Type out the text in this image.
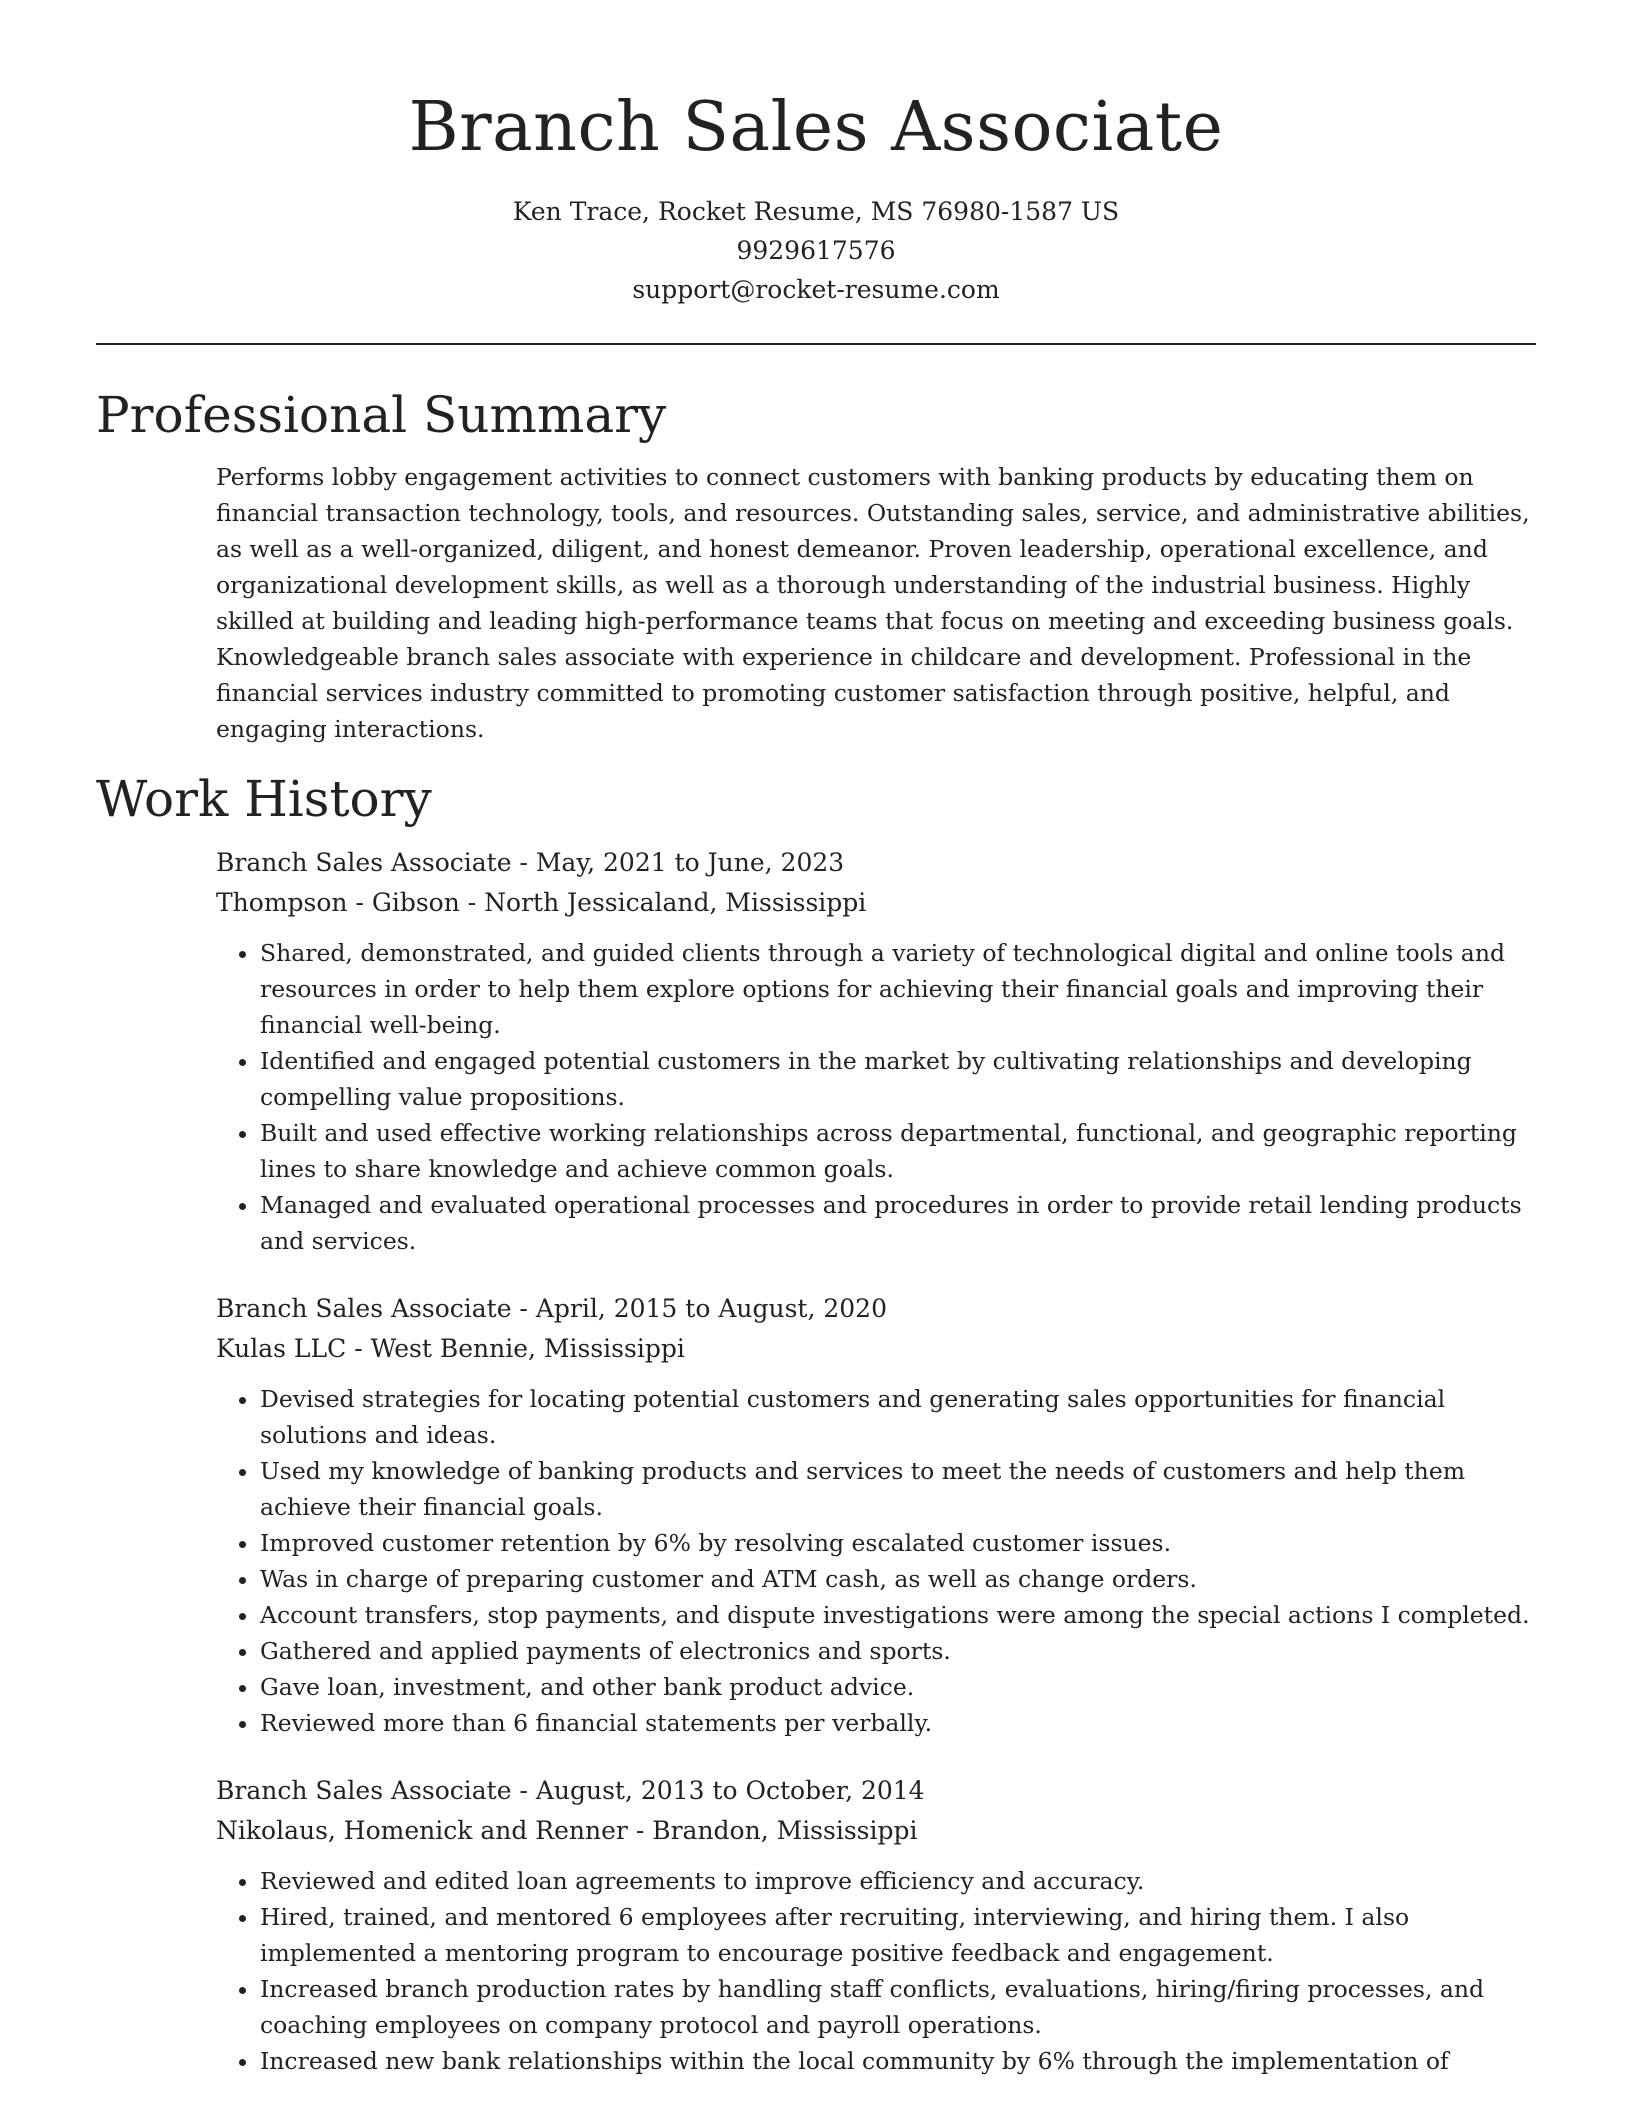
Branch Sales Associate
Ken Trace, Rocket Resume, MS 76980-1587 US
9929617576
support@rocket-resume.com
Professional Summary

Performs lobby engagement activities to connect customers with banking products by educating them on financial transaction technology, tools, and resources. Outstanding sales, service, and administrative abilities, as well as a well-organized, diligent, and honest demeanor. Proven leadership, operational excellence, and organizational development skills, as well as a thorough understanding of the industrial business. Highly skilled at building and leading high-performance teams that focus on meeting and exceeding business goals. Knowledgeable branch sales associate with experience in childcare and development. Professional in the financial services industry committed to promoting customer satisfaction through positive, helpful, and engaging interactions.

Work History
Branch Sales Associate - May, 2021 to June, 2023
Thompson - Gibson - North Jessicaland, Mississippi
• Shared, demonstrated, and guided clients through a variety of technological digital and online tools and resources in order to help them explore options for achieving their financial goals and improving their financial well-being.
• Identified and engaged potential customers in the market by cultivating relationships and developing compelling value propositions.
• Built and used effective working relationships across departmental, functional, and geographic reporting lines to share knowledge and achieve common goals.
• Managed and evaluated operational processes and procedures in order to provide retail lending products and services.
Branch Sales Associate - April, 2015 to August, 2020
Kulas LLC - West Bennie, Mississippi
• Devised strategies for locating potential customers and generating sales opportunities for financial solutions and ideas.
• Used my knowledge of banking products and services to meet the needs of customers and help them achieve their financial goals.
• Improved customer retention by 6% by resolving escalated customer issues.
• Was in charge of preparing customer and ATM cash, as well as change orders.
• Account transfers, stop payments, and dispute investigations were among the special actions I completed.
• Gathered and applied payments of electronics and sports.
• Gave loan, investment, and other bank product advice.
• Reviewed more than 6 financial statements per verbally.
Branch Sales Associate - August, 2013 to October, 2014
Nikolaus, Homenick and Renner - Brandon, Mississippi
• Reviewed and edited loan agreements to improve efficiency and accuracy.
• Hired, trained, and mentored 6 employees after recruiting, interviewing, and hiring them. I also implemented a mentoring program to encourage positive feedback and engagement.
• Increased branch production rates by handling staff conflicts, evaluations, hiring/firing processes, and coaching employees on company protocol and payroll operations.
• Increased new bank relationships within the local community by 6% through the implementation of
